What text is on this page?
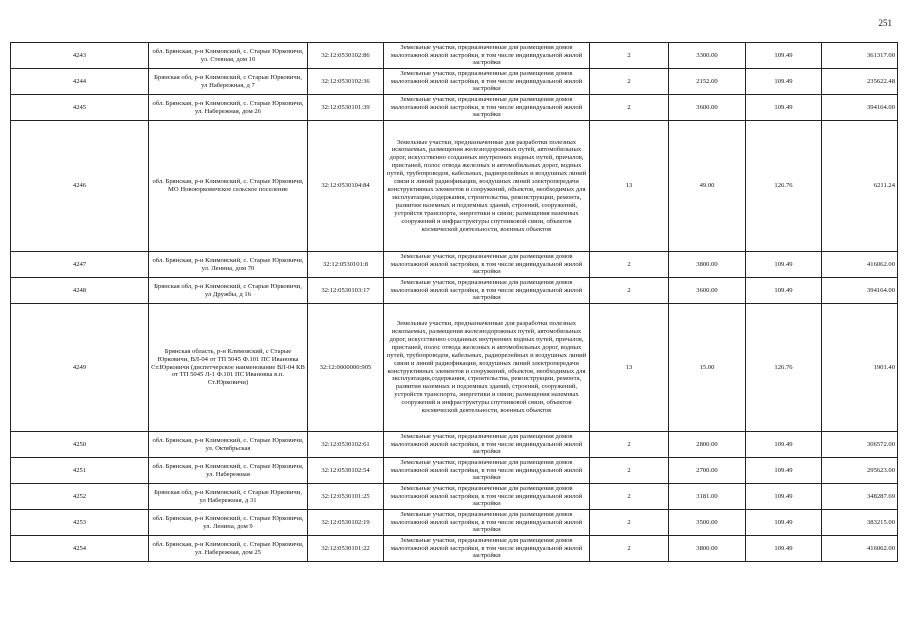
251
4243	обл. Брянская, р-н Климовский, с. Старые Юрковичи, ул. Стевная, дом 10	32:12:0530102:86	Земельные участки, предназначенные для размещения домов малоэтажной жилой застройки, в том числе индивидуальной жилой застройки	2	3300.00	109.49	361317.00
4244	Брянская обл, р-н Климовский, с Старые Юрковичи, ул Набережная, д 7	32:12:0530102:36	Земельные участки, предназначенные для размещения домов малоэтажной жилой застройки, в том числе индивидуальной жилой застройки	2	2152.00	109.49	235622.48
4245	обл. Брянская, р-н Климовский, с. Старые Юрковичи, ул. Набережная, дом 26	32:12:0530101:39	Земельные участки, предназначенные для размещения домов малоэтажной жилой застройки, в том числе индивидуальной жилой застройки	2	3600.00	109.49	394164.00
4246	обл. Брянская, р-н Климовский, с. Старые Юрковичи, МО Новоюрковичское сельское поселение	32:12:0530104:84	Земельные участки, предназначенные для разработки полезных ископаемых, размещения железнодорожных путей, автомобильных дорог, искусственно созданных внутренних водных путей, причалов, пристаней, полос отвода железных и автомобильных дорог, водных путей, трубопроводов, кабельных, радиорелейных и воздушных линий связи и линий радиофикации, воздушных линий электропередачи конструктивных элементов и сооружений, объектов, необходимых для эксплуатации,содержания, строительства, реконструкции, ремонта, развития наземных и подземных зданий, строений, сооружений, устройств транспорта, энергетики и связи; размещения наземных сооружений и инфраструктуры спутниковой связи, объектов космической деятельности, военных объектов	13	49.00	126.76	6211.24
4247	обл. Брянская, р-н Климовский, с. Старые Юрковичи, ул. Ленина, дом 70	32:12:0530101:8	Земельные участки, предназначенные для размещения домов малоэтажной жилой застройки, в том числе индивидуальной жилой застройки	2	3800.00	109.49	416062.00
4248	Брянская обл, р-н Климовский, с Старые Юрковичи, ул Дружбы, д 16	32:12:0530103:17	Земельные участки, предназначенные для размещения домов малоэтажной жилой застройки, в том числе индивидуальной жилой застройки	2	3600.00	109.49	394164.00
4249	Брянская область, р-н Климовский, с Старые Юрковичи, ВЛ-04 от ТП 5045 Ф.101 ПС Ивановка Ст.Юрковичи (диспетчерское наименование ВЛ-04 КВ от ТП 5045 Л-1 Ф.101 ПС Ивановка в.п. Ст.Юрковичи)	32:12:0000000:905	Земельные участки, предназначенные для разработки полезных ископаемых, размещения железнодорожных путей, автомобильных дорог, искусственно созданных внутренних водных путей, причалов, пристаней, полос отвода железных и автомобильных дорог, водных путей, трубопроводов, кабельных, радиорелейных и воздушных линий связи и линий радиофикации, воздушных линий электропередачи конструктивных элементов и сооружений, объектов, необходимых для эксплуатации,содержания, строительства, реконструкции, ремонта, развития наземных и подземных зданий, строений, сооружений, устройств транспорта, энергетики и связи; размещения наземных сооружений и инфраструктуры спутниковой связи, объектов космической деятельности, военных объектов	13	15.00	126.76	1901.40
4250	обл. Брянская, р-н Климовский, с. Старые Юрковичи, ул. Октябрьская	32:12:0530102:61	Земельные участки, предназначенные для размещения домов малоэтажной жилой застройки, в том числе индивидуальной жилой застройки	2	2800.00	109.49	306572.00
4251	обл. Брянская, р-н Климовский, с. Старые Юрковичи, ул. Набережная	32:12:0530102:54	Земельные участки, предназначенные для размещения домов малоэтажной жилой застройки, в том числе индивидуальной жилой застройки	2	2700.00	109.49	295623.00
4252	Брянская обл, р-н Климовский, с Старые Юрковичи, ул Набережная, д 31	32:12:0530101:25	Земельные участки, предназначенные для размещения домов малоэтажной жилой застройки, в том числе индивидуальной жилой застройки	2	3181.00	109.49	348287.69
4253	обл. Брянская, р-н Климовский, с. Старые Юрковичи, ул. Ленина, дом 9	32:12:0530102:19	Земельные участки, предназначенные для размещения домов малоэтажной жилой застройки, в том числе индивидуальной жилой застройки	2	3500.00	109.49	383215.00
4254	обл. Брянская, р-н Климовский, с. Старые Юрковичи, ул. Набережная, дом 25	32:12:0530101:22	Земельные участки, предназначенные для размещения домов малоэтажной жилой застройки, в том числе индивидуальной жилой застройки	2	3800.00	109.49	416062.00
